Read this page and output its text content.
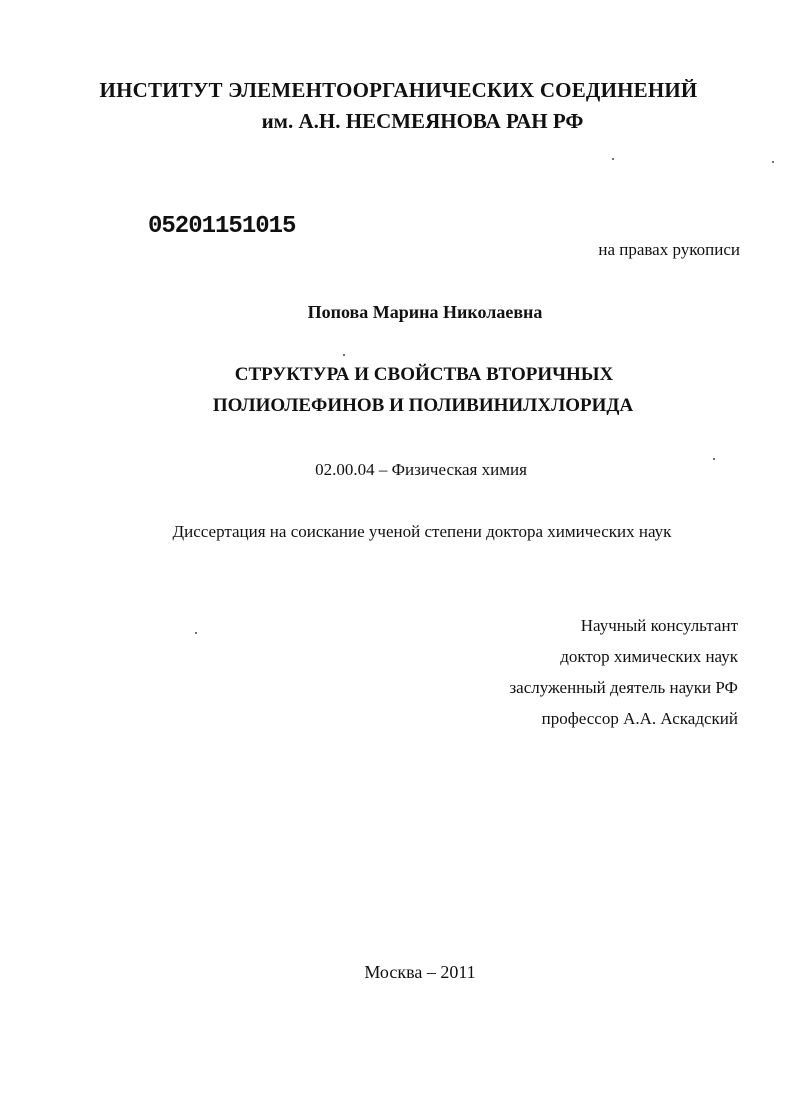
ИНСТИТУТ ЭЛЕМЕНТООРГАНИЧЕСКИХ СОЕДИНЕНИЙ
им. А.Н. НЕСМЕЯНОВА РАН РФ
05201151015
на правах рукописи
Попова Марина Николаевна
СТРУКТУРА И СВОЙСТВА ВТОРИЧНЫХ
ПОЛИОЛЕФИНОВ И ПОЛИВИНИЛХЛОРИДА
02.00.04 – Физическая химия
Диссертация на соискание ученой степени доктора химических наук
Научный консультант
доктор химических наук
заслуженный деятель науки РФ
профессор А.А. Аскадский
Москва – 2011
